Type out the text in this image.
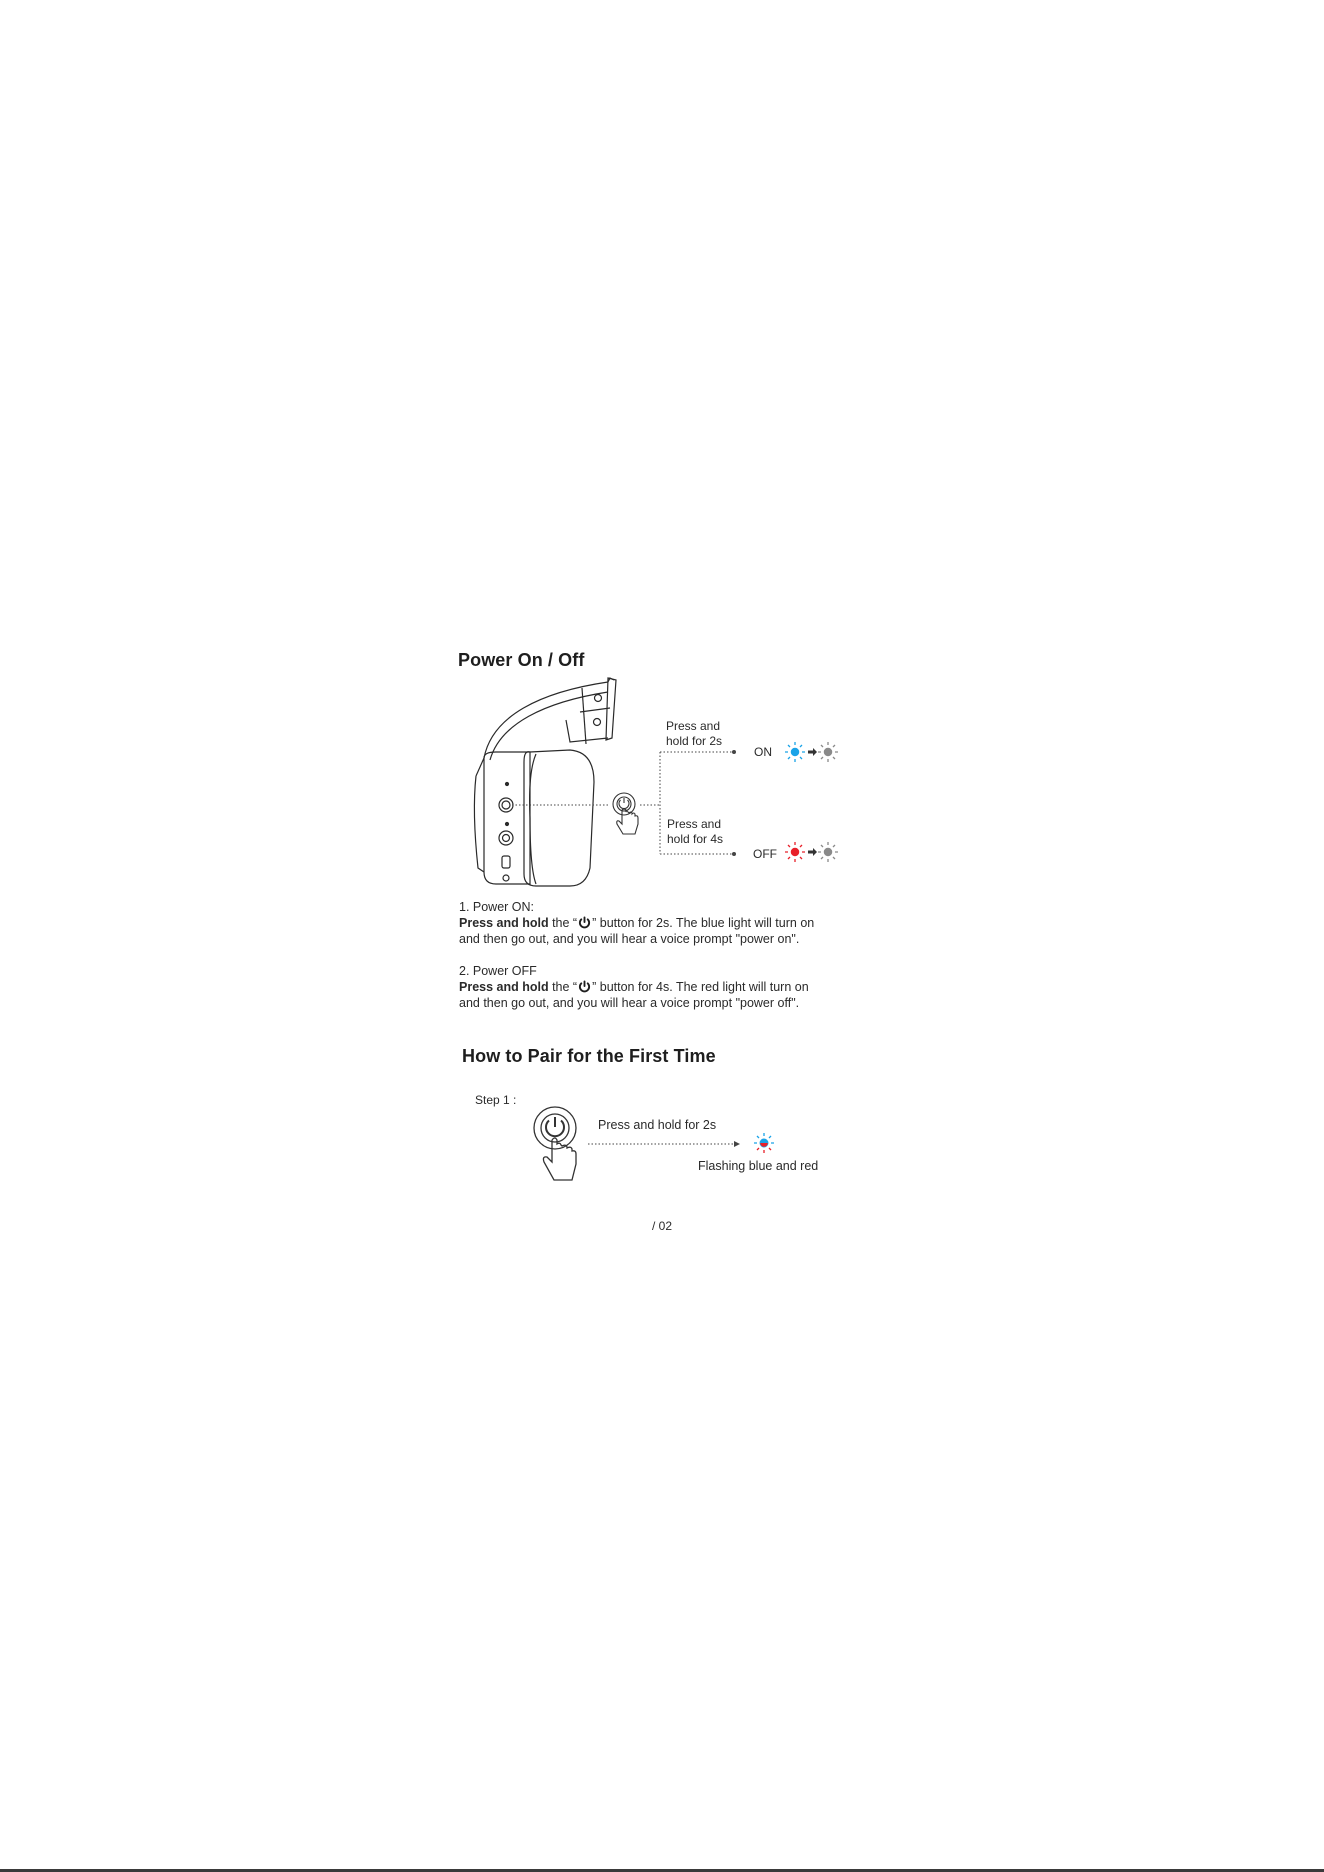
Power On / Off
Press and
hold for 2s
ON
Press and
hold for 4s
OFF
1. Power ON:
Press and hold the “ ” button for 2s. The blue light will turn on
and then go out, and you will hear a voice prompt "power on".
2. Power OFF
Press and hold the “ ” button for 4s. The red light will turn on
and then go out, and you will hear a voice prompt "power off".
How to Pair for the First Time
Step 1 :
Press and hold for 2s
Flashing blue and red
/ 02
